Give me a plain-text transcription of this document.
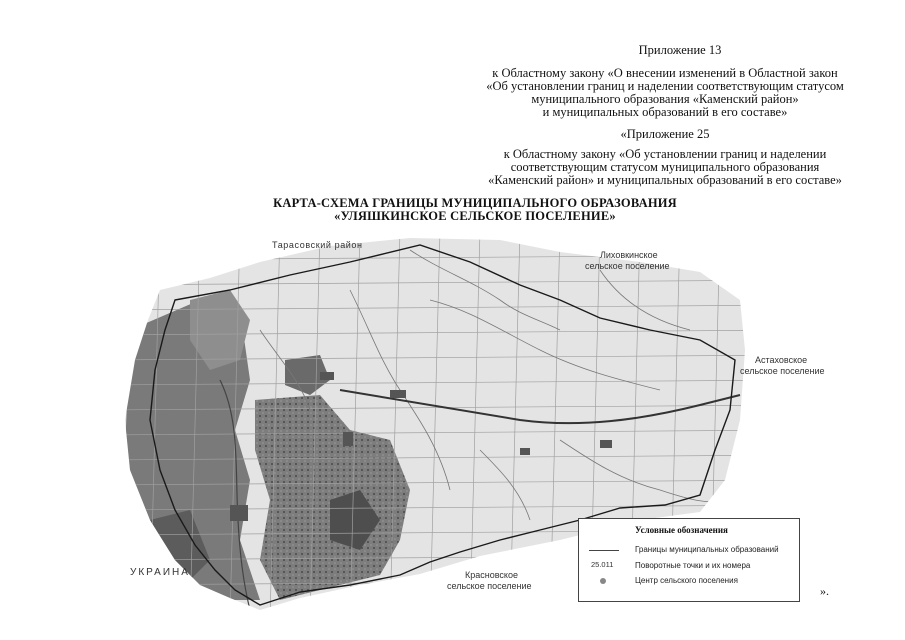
Приложение 13
к Областному закону «О внесении изменений в Областной закон
«Об установлении границ и наделении соответствующим статусом
муниципального образования «Каменский район»
и муниципальных образований в его составе»
«Приложение 25
к Областному закону «Об установлении границ и наделении
соответствующим статусом муниципального образования
«Каменский район» и муниципальных образований в его составе»
КАРТА-СХЕМА ГРАНИЦЫ МУНИЦИПАЛЬНОГО ОБРАЗОВАНИЯ
«УЛЯШКИНСКОЕ СЕЛЬСКОЕ ПОСЕЛЕНИЕ»
Тарасовский район
Лиховкинское
сельское поселение
Астаховское
сельское поселение
УКРАИНА	Красновское
сельское поселение
Условные обозначения
Границы муниципальных образований
25.011	Поворотные точки и их номера
Центр сельского поселения
».
